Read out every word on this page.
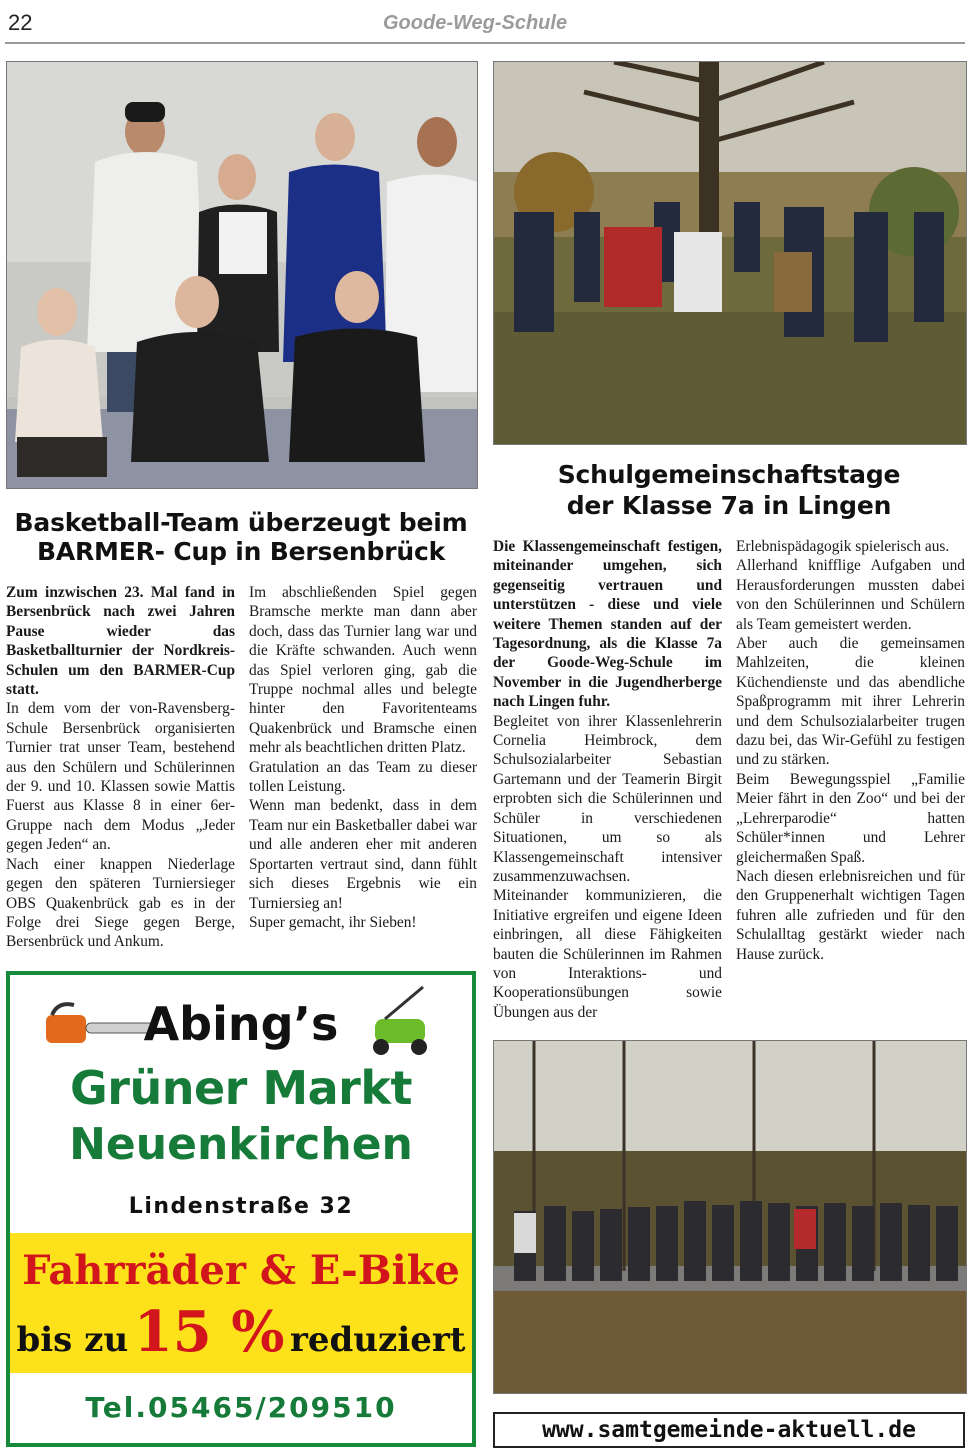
22	Goode-Weg-Schule
Basketball-Team überzeugt beim
BARMER- Cup in Bersenbrück

Zum inzwischen 23. Mal fand in Bersenbrück nach zwei Jahren Pause wieder das Basketballturnier der Nordkreis-Schulen um den BARMER-Cup statt.

In dem vom der von-Ravensberg-Schule Bersenbrück organisierten Turnier trat unser Team, bestehend aus den Schülern und Schülerinnen der 9. und 10. Klassen sowie Mattis Fuerst aus Klasse 8 in einer 6er-Gruppe nach dem Modus „Jeder gegen Jeden“ an.

Nach einer knappen Niederlage gegen den späteren Turniersieger OBS Quakenbrück gab es in der Folge drei Siege gegen Berge, Bersenbrück und Ankum.

Im abschließenden Spiel gegen Bramsche merkte man dann aber doch, dass das Turnier lang war und die Kräfte schwanden. Auch wenn das Spiel verloren ging, gab die Truppe nochmal alles und belegte hinter den Favoritenteams Quakenbrück und Bramsche einen mehr als beachtlichen dritten Platz.

Gratulation an das Team zu dieser tollen Leistung.

Wenn man bedenkt, dass in dem Team nur ein Basketballer dabei war und alle anderen eher mit anderen Sportarten vertraut sind, dann fühlt sich dieses Ergebnis wie ein Turniersieg an!

Super gemacht, ihr Sieben!

Schulgemeinschaftstage
der Klasse 7a in Lingen

Die Klassengemeinschaft festigen, miteinander umgehen, sich gegenseitig vertrauen und unterstützen - diese und viele weitere Themen standen auf der Tagesordnung, als die Klasse 7a der Goode-Weg-Schule im November in die Jugendherberge nach Lingen fuhr.

Begleitet von ihrer Klassenlehrerin Cornelia Heimbrock, dem Schulsozialarbeiter Sebastian Gartemann und der Teamerin Birgit erprobten sich die Schülerinnen und Schüler in verschiedenen Situationen, um so als Klassengemeinschaft intensiver zusammenzuwachsen.

Miteinander kommunizieren, die Initiative ergreifen und eigene Ideen einbringen, all diese Fähigkeiten bauten die Schülerinnen im Rahmen von Interaktions- und Kooperationsübungen sowie Übungen aus der

Erlebnispädagogik spielerisch aus.

Allerhand knifflige Aufgaben und Herausforderungen mussten dabei von den Schülerinnen und Schülern als Team gemeistert werden.

Aber auch die gemeinsamen Mahlzeiten, die kleinen Küchendienste und das abendliche Spaßprogramm mit ihrer Lehrerin und dem Schulsozialarbeiter trugen dazu bei, das Wir-Gefühl zu festigen und zu stärken.

Beim Bewegungsspiel „Familie Meier fährt in den Zoo“ und bei der „Lehrerparodie“ hatten Schüler*innen und Lehrer gleichermaßen Spaß.

Nach diesen erlebnisreichen und für den Gruppenerhalt wichtigen Tagen fuhren alle zufrieden und für den Schulalltag gestärkt wieder nach Hause zurück.

Abing’s
Grüner Markt
Neuenkirchen
Lindenstraße 32
Fahrräder & E-Bike
bis zu 15 % reduziert
Tel.05465/209510
www.samtgemeinde-aktuell.de
